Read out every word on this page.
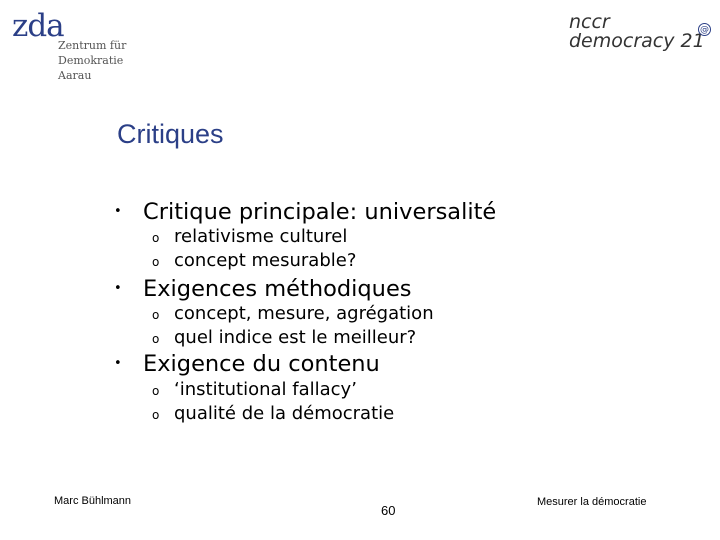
zda
Zentrum für
Demokratie
Aarau
nccr
democracy 21
@
Critiques
• Critique principale: universalité
o relativisme culturel
o concept mesurable?
• Exigences méthodiques
o concept, mesure, agrégation
o quel indice est le meilleur?
• Exigence du contenu
o ‘institutional fallacy’
o qualité de la démocratie
Marc Bühlmann
60
Mesurer la démocratie
